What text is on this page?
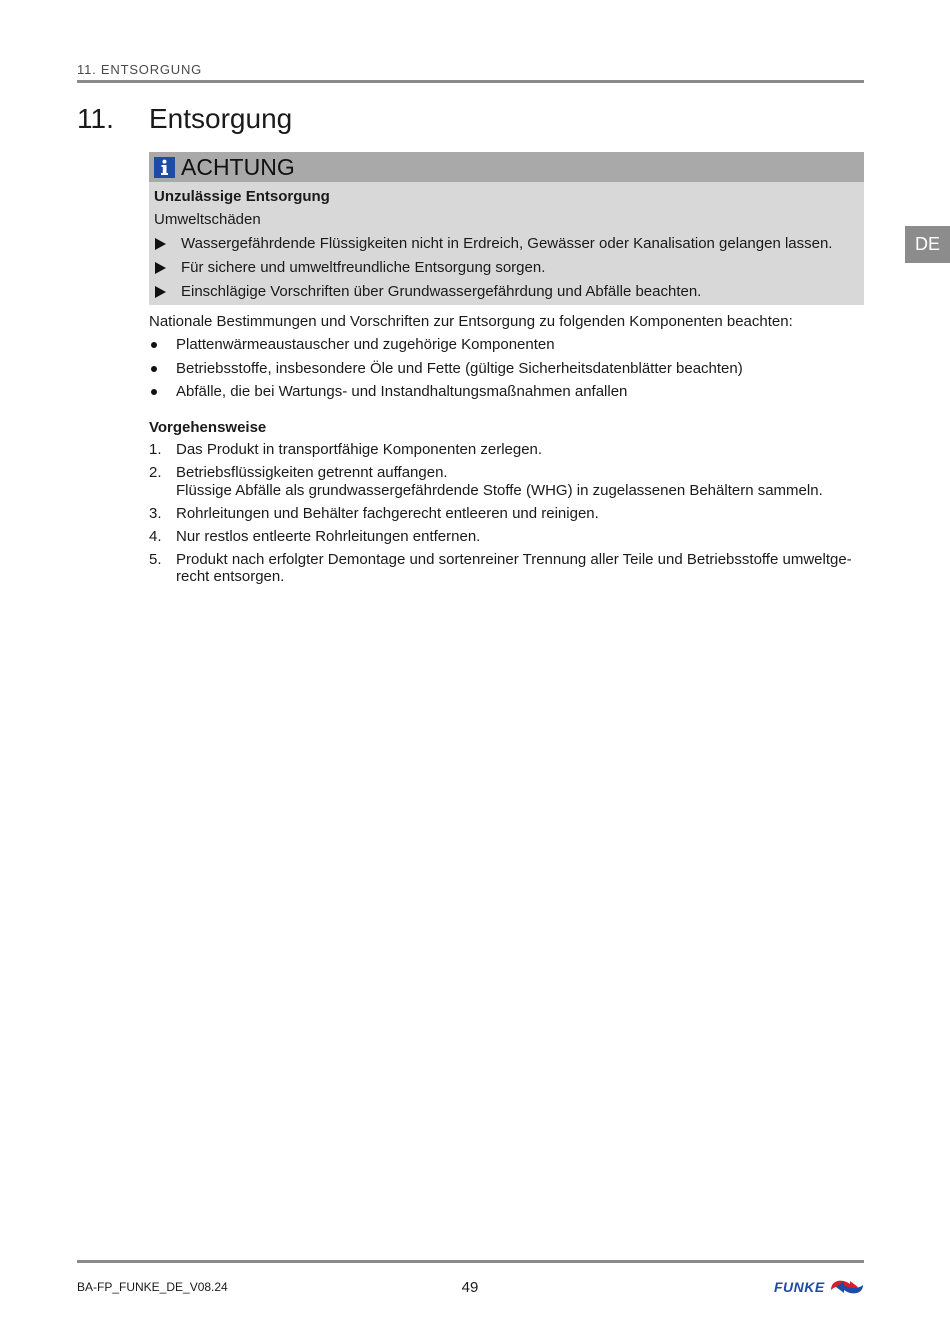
11. ENTSORGUNG
11. Entsorgung
ACHTUNG
Unzulässige Entsorgung
Umweltschäden
Wassergefährdende Flüssigkeiten nicht in Erdreich, Gewässer oder Kanalisation gelangen lassen.
Für sichere und umweltfreundliche Entsorgung sorgen.
Einschlägige Vorschriften über Grundwassergefährdung und Abfälle beachten.
Nationale Bestimmungen und Vorschriften zur Entsorgung zu folgenden Komponenten beachten:
Plattenwärmeaustauscher und zugehörige Komponenten
Betriebsstoffe, insbesondere Öle und Fette (gültige Sicherheitsdatenblätter beachten)
Abfälle, die bei Wartungs- und Instandhaltungsmaßnahmen anfallen
Vorgehensweise
1. Das Produkt in transportfähige Komponenten zerlegen.
2. Betriebsflüssigkeiten getrennt auffangen.
Flüssige Abfälle als grundwassergefährdende Stoffe (WHG) in zugelassenen Behältern sammeln.
3. Rohrleitungen und Behälter fachgerecht entleeren und reinigen.
4. Nur restlos entleerte Rohrleitungen entfernen.
5. Produkt nach erfolgter Demontage und sortenreiner Trennung aller Teile und Betriebsstoffe umweltge-
recht entsorgen.
DE
BA-FP_FUNKE_DE_V08.24	49	FUNKE
